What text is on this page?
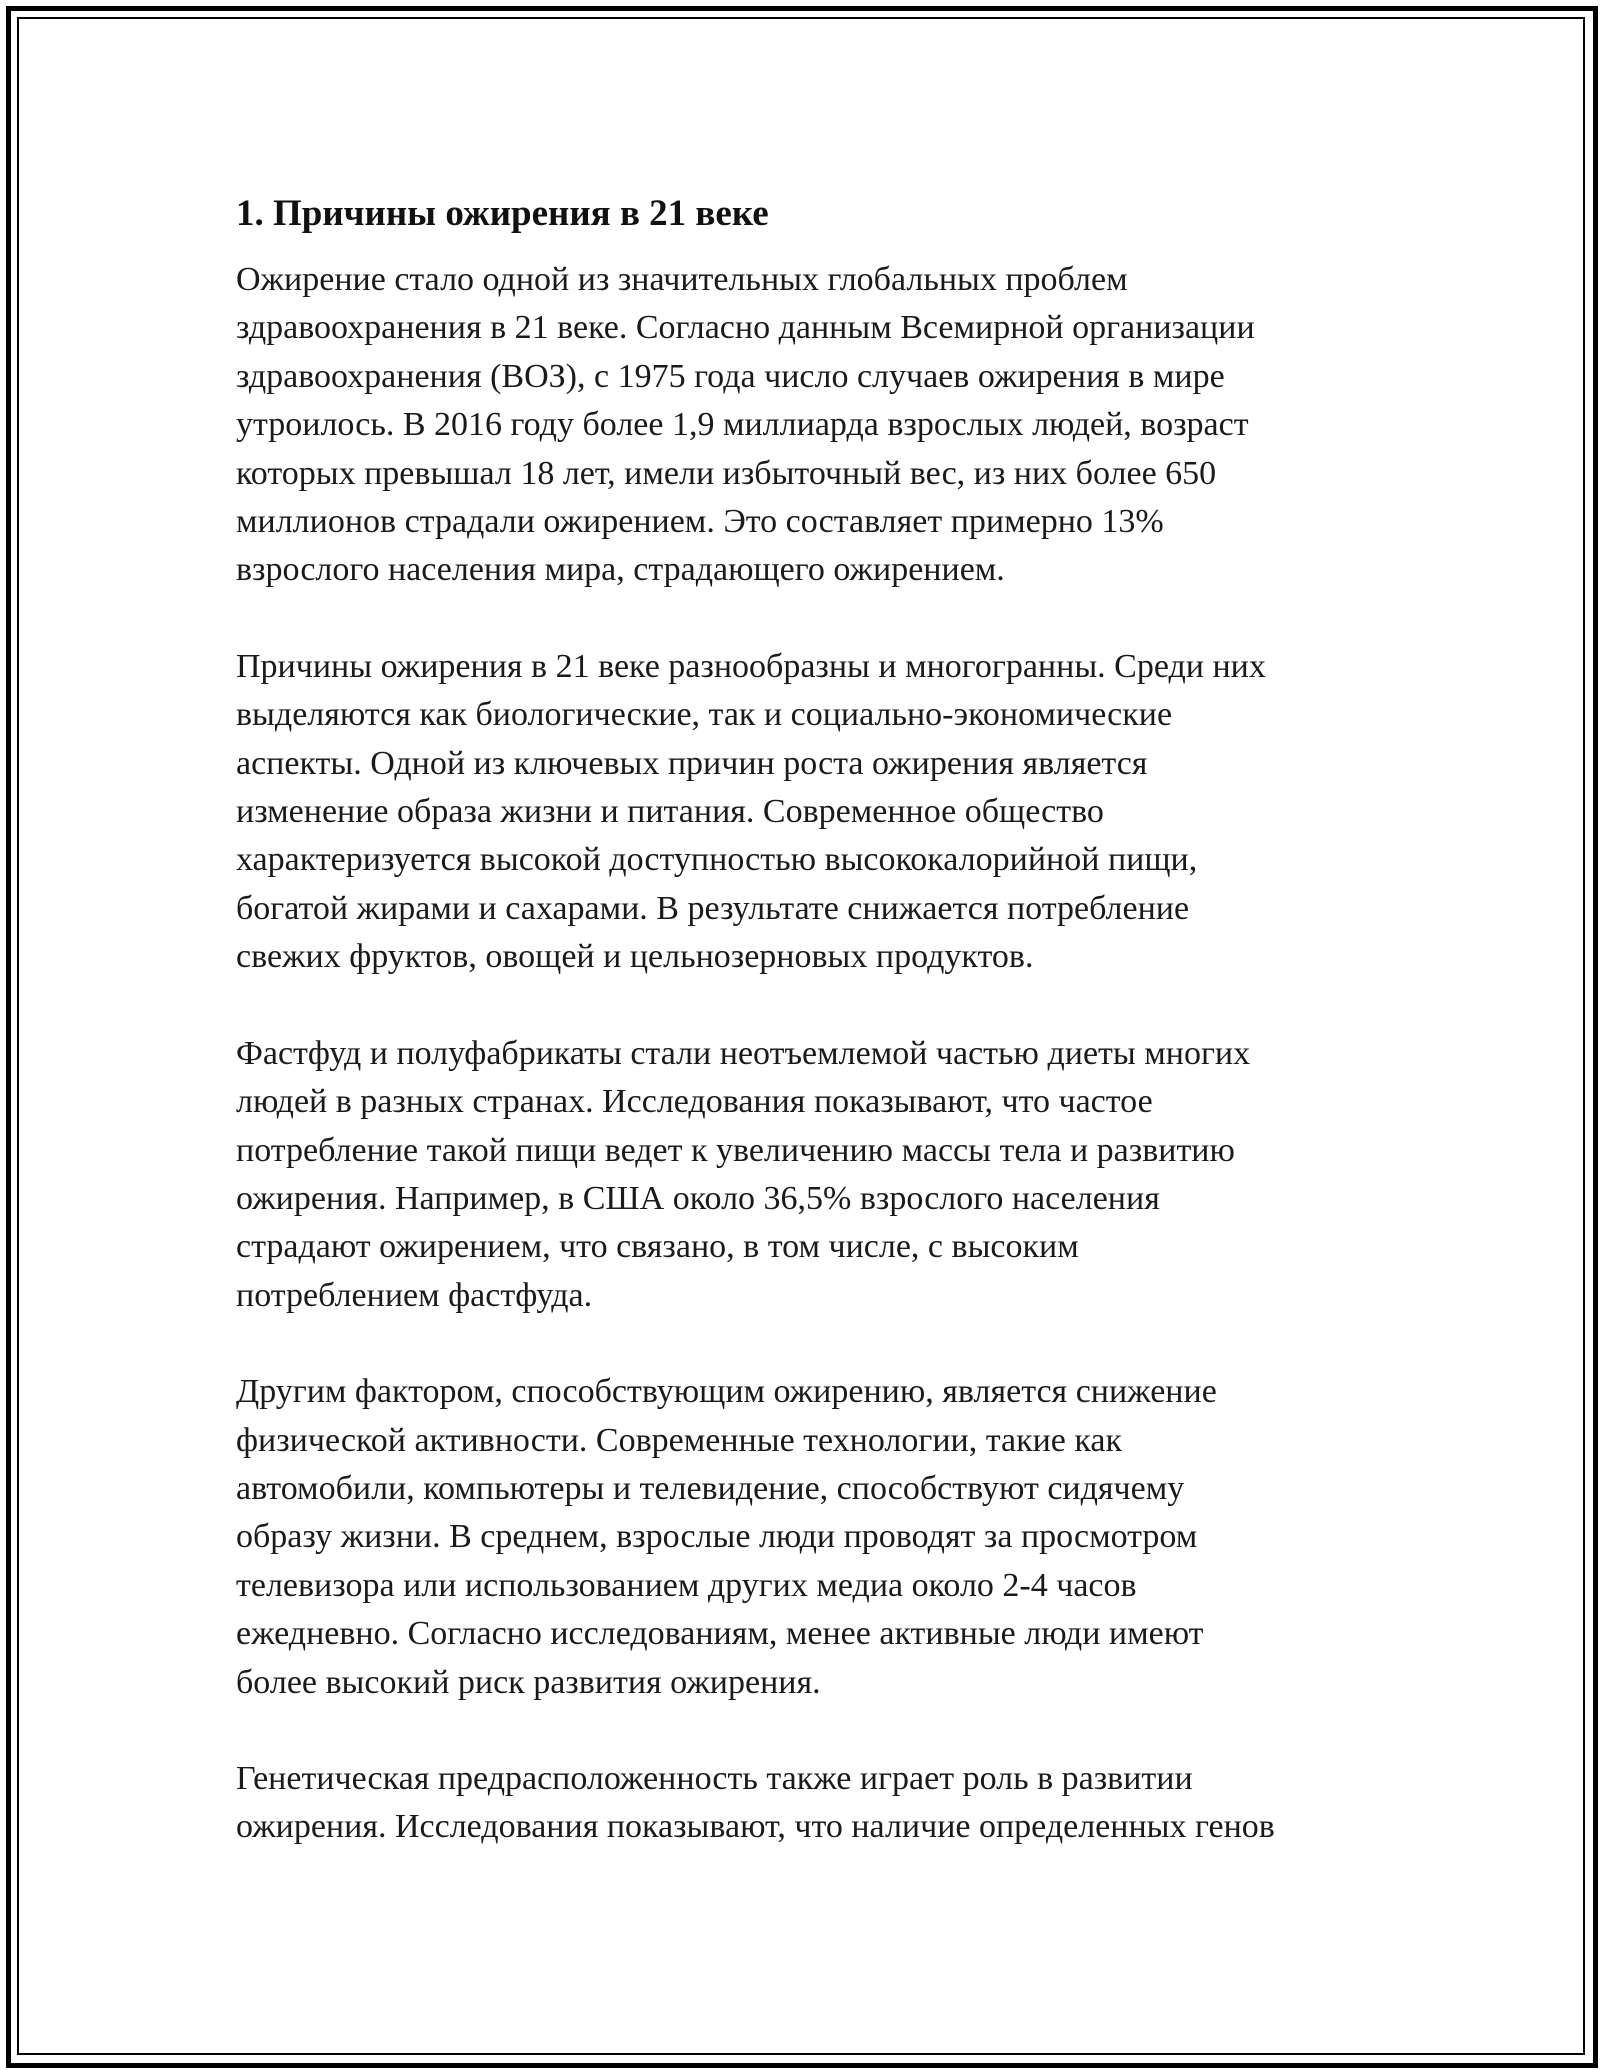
1. Причины ожирения в 21 веке

Ожирение стало одной из значительных глобальных проблем
здравоохранения в 21 веке. Согласно данным Всемирной организации
здравоохранения (ВОЗ), с 1975 года число случаев ожирения в мире
утроилось. В 2016 году более 1,9 миллиарда взрослых людей, возраст
которых превышал 18 лет, имели избыточный вес, из них более 650
миллионов страдали ожирением. Это составляет примерно 13%
взрослого населения мира, страдающего ожирением.

Причины ожирения в 21 веке разнообразны и многогранны. Среди них
выделяются как биологические, так и социально-экономические
аспекты. Одной из ключевых причин роста ожирения является
изменение образа жизни и питания. Современное общество
характеризуется высокой доступностью высококалорийной пищи,
богатой жирами и сахарами. В результате снижается потребление
свежих фруктов, овощей и цельнозерновых продуктов.

Фастфуд и полуфабрикаты стали неотъемлемой частью диеты многих
людей в разных странах. Исследования показывают, что частое
потребление такой пищи ведет к увеличению массы тела и развитию
ожирения. Например, в США около 36,5% взрослого населения
страдают ожирением, что связано, в том числе, с высоким
потреблением фастфуда.

Другим фактором, способствующим ожирению, является снижение
физической активности. Современные технологии, такие как
автомобили, компьютеры и телевидение, способствуют сидячему
образу жизни. В среднем, взрослые люди проводят за просмотром
телевизора или использованием других медиа около 2-4 часов
ежедневно. Согласно исследованиям, менее активные люди имеют
более высокий риск развития ожирения.

Генетическая предрасположенность также играет роль в развитии
ожирения. Исследования показывают, что наличие определенных генов
